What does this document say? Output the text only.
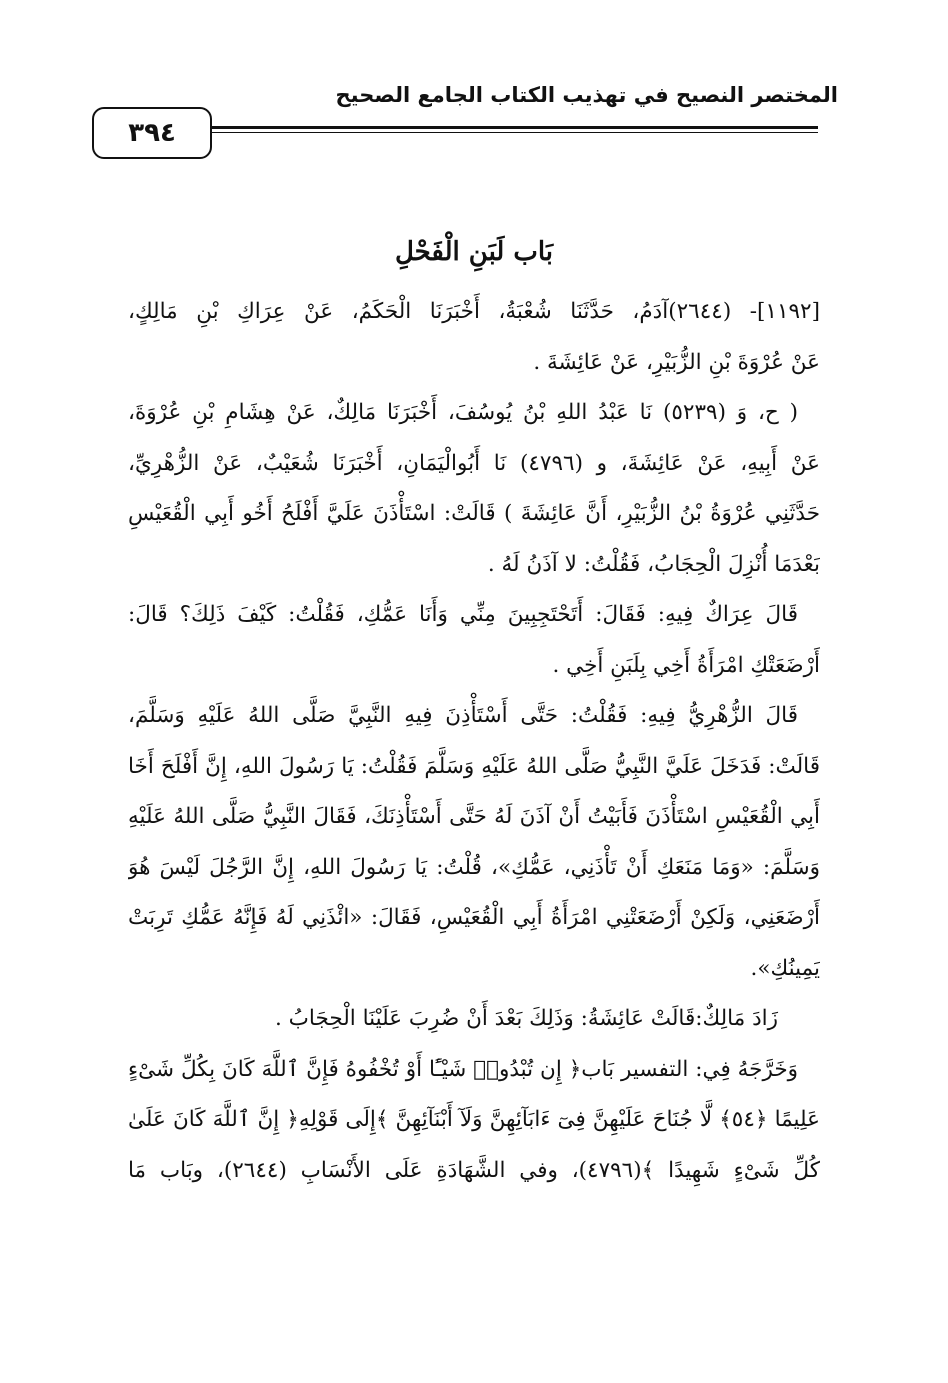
المختصر النصيح في تهذيب الكتاب الجامع الصحيح
٣٩٤
بَاب لَبَنِ الْفَحْلِ
[١١٩٢]- (٢٦٤٤)آدَمُ، حَدَّثَنَا شُعْبَةُ، أَخْبَرَنَا الْحَكَمُ، عَنْ عِرَاكِ بْنِ مَالِكٍ،
عَنْ عُرْوَةَ بْنِ الزُّبَيْرِ، عَنْ عَائِشَةَ .
( ح، وَ (٥٢٣٩) نَا عَبْدُ اللهِ بْنُ يُوسُفَ، أَخْبَرَنَا مَالِكٌ، عَنْ هِشَامِ بْنِ عُرْوَةَ،
عَنْ أَبِيهِ، عَنْ عَائِشَةَ، و (٤٧٩٦) نَا أَبُوالْيَمَانِ، أَخْبَرَنَا شُعَيْبٌ، عَنْ الزُّهْرِيِّ،
حَدَّثَنِي عُرْوَةُ بْنُ الزُّبَيْرِ، أَنَّ عَائِشَةَ ) قَالَتْ: اسْتَأْذَنَ عَلَيَّ أَفْلَحُ أَخُو أَبِي الْقُعَيْسِ
بَعْدَمَا أُنْزِلَ الْحِجَابُ، فَقُلْتُ: لا آذَنُ لَهُ .
قَالَ عِرَاكٌ فِيهِ: فَقَالَ: أَتَحْتَجِبِينَ مِنِّي وَأَنَا عَمُّكِ، فَقُلْتُ: كَيْفَ ذَلِكَ؟ قَالَ:
أَرْضَعَتْكِ امْرَأَةُ أَخِي بِلَبَنِ أَخِي .
قَالَ الزُّهْرِيُّ فِيهِ: فَقُلْتُ: حَتَّى أَسْتَأْذِنَ فِيهِ النَّبِيَّ صَلَّى اللهُ عَلَيْهِ وَسَلَّمَ،
قَالَتْ: فَدَخَلَ عَلَيَّ النَّبِيُّ صَلَّى اللهُ عَلَيْهِ وَسَلَّمَ فَقُلْتُ: يَا رَسُولَ اللهِ، إِنَّ أَفْلَحَ أَخَا
أَبِي الْقُعَيْسِ اسْتَأْذَنَ فَأَبَيْتُ أَنْ آذَنَ لَهُ حَتَّى أَسْتَأْذِنَكَ، فَقَالَ النَّبِيُّ صَلَّى اللهُ عَلَيْهِ
وَسَلَّمَ: «وَمَا مَنَعَكِ أَنْ تَأْذَنِي، عَمُّكِ»، قُلْتُ: يَا رَسُولَ اللهِ، إِنَّ الرَّجُلَ لَيْسَ هُوَ
أَرْضَعَنِي، وَلَكِنْ أَرْضَعَتْنِي امْرَأَةُ أَبِي الْقُعَيْسِ، فَقَالَ: «ائْذَنِي لَهُ فَإِنَّهُ عَمُّكِ تَرِبَتْ
يَمِينُكِ».
زَادَ مَالِكٌ:قَالَتْ عَائِشَةُ: وَذَلِكَ بَعْدَ أَنْ ضُرِبَ عَلَيْنَا الْحِجَابُ .
وَخَرَّجَهُ فِي: التفسير بَاب﴿ إِن تُبْدُوا۟ شَيْـًٔا أَوْ تُخْفُوهُ فَإِنَّ ٱللَّهَ كَانَ بِكُلِّ شَىْءٍ
عَلِيمًا ﴿٥٤﴾ لَّا جُنَاحَ عَلَيْهِنَّ فِىٓ ءَابَآئِهِنَّ وَلَآ أَبْنَآئِهِنَّ ﴾إِلَى قَوْلِهِ﴿ إِنَّ ٱللَّهَ كَانَ عَلَىٰ
كُلِّ شَىْءٍ شَهِيدًا ﴾(٤٧٩٦)، وفي الشَّهَادَةِ عَلَى الأَنْسَابِ (٢٦٤٤)، وبَاب مَا
